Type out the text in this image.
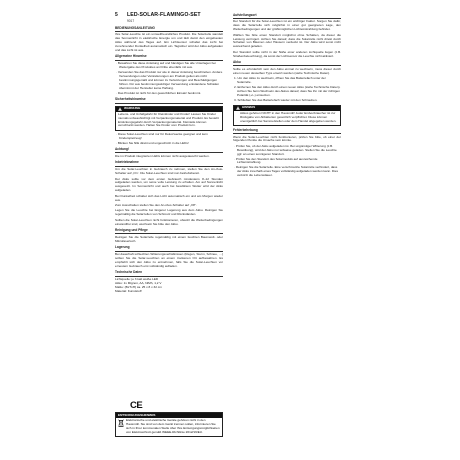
5 LED-SOLAR-FLAMINGO-SET
9017
BEDIENUNGSANLEITUNG
Ihre Solar-Leuchte ist ein umweltfreundliches Produkt. Die Solarzelle wandelt das Sonnenlicht in elektrische Energie um und lädt damit den eingebauten Akku während des Tages auf. Ein Lichtsensor schaltet das Licht bei zunehmender Dunkelheit automatisch ein. Tagsüber wird der Akku aufgeladen und das Licht ist aus.
Allgemeine Hinweise
· Bewahren Sie diese Anleitung auf und händigen Sie alle Unterlagen bei Weitergabe des Produktes an Dritte ebenfalls mit aus.
· Verwenden Sie das Produkt nur wie in dieser Anleitung beschrieben. Andere Verwendungen oder Veränderungen am Produkt gelten als nicht bestimmungsgemäß und können zu Verletzungen und Beschädigungen führen. Für aus bestimmungswidriger Verwendung entstandene Schäden übernimmt der Hersteller keine Haftung.
· Das Produkt ist nicht für den gewerblichen Einsatz bestimmt.
Sicherheitshinweise
WARNUNG
Lebens- und Unfallgefahr für Kleinkinder und Kinder! Lassen Sie Kinder niemals unbeaufsichtigt mit Verpackungsmaterial und Produkt. Es besteht Erstickungsgefahr durch Verpackungsmaterial. Kleinteile können verschluckt werden. Halten Sie Kinder vom Produkt fern.
· Diese Solar-Leuchten sind nur für Dekozwecke geeignet und kein Kinderspielzeug!
· Blicken Sie NIE direkt und ungeschützt in die LEDs!
Achtung!
Die im Produkt integrierten LEDs können nicht ausgetauscht werden.
Inbetriebnahme
Um die Solar-Leuchten in Gebrauch zu nehmen, stellen Sie den An-/Aus-Schalter auf „On“. Die Solar-Leuchten sind nun betriebsbereit.
Der Akku sollte vor dem ersten Gebrauch mindestens 8–12 Stunden aufgeladen werden, um seine volle Leistung zu erhalten. Am auf Sonnenlicht ausgesetzt. Im Sonnenlicht und auch bei bewölktem Wetter wird der Akku aufgeladen.
Bei Dunkelheit schaltet sich das Licht automatisch ein und am Morgen wieder aus.
Zum Ausschalten stellen Sie den An-/Aus-Schalter auf „Off“.
Legen Sie die Leuchte bei längerer Lagerung aus dem Akku. Reinigen Sie regelmäßig die Solarzellen von Schmutz und Rückständen.
Sollten die Solar-Leuchten nicht funktionieren, obwohl die Wetterbedingungen einwandfrei sind, wechseln Sie bitte den Akku.
Reinigung und Pflege
Reinigen Sie die Solarzelle regelmäßig mit einem feuchten Baumwoll- oder Mikrofasertuch.
Lagerung
Bei dauerhaft schlechten Witterungsverhältnissen (Regen, Sturm, Schnee, …) sollten Sie die Solar-Leuchten an einem trockenen Ort aufbewahren. Es empfiehlt sich den Akku zu entnehmen, falls Sie die Solar-Leuchten vor erneutem Gebrauch erst vollständig aufladen.
Technische Daten
Lichtquelle: je 3 kalt weiße LED
Akku: 1x Mignon, AA, NiMh, 1,2 V
Maße: (BxTxH) ca. 25 x 8 x 32 cm
Material: Kunststoff
CE
ENTSORGUNGSHINWEIS
Elektronische und elektrische Geräte gehören nicht in den Hausmüll. Sie sind von dem Gerät trennen sollen, informieren Sie sich in Ihrer kommunalen Stelle über Ihre Entsorgungsmöglichkeiten von Elektroschrott gemäß WEEE-Richtlinie 2012/19/EU.
Aufstellungsort
Der Standort für die Solar-Leuchten ist ein wichtiger Faktor. Sorgen Sie dafür, dass die Solarzelle sich möglichst in einer gut geeigneten Lage, den Wetterbedingungen und der größtmöglichen Lichteinstrahlung befindet.
Wählen Sie bitte einen Standort möglichst ohne Schatten, da dieser die Leistung verringert. Achten Sie darauf, dass die Solarzelle nicht direkt durch Schatten von Bäumen oder Häusern verdeckt ist. Der Akku wird sonst nicht ausreichend geladen.
Der Standort sollte nicht in der Nähe einer anderen Lichtquelle liegen (z.B. Straßenbeleuchtung), da sonst der Lichtsensor die Leuchte nicht aktiviert.
Akku
Sollte es erforderlich sein den Akku einmal zu wechseln, muss dieser durch einen neuen desselben Typs ersetzt werden (siehe Technische Daten).
1. Um den Akku zu wechseln, öffnen Sie das Batteriefach unter der Solarzelle.
2. Entfernen Sie den Akku durch einen neuen Akku (siehe Technische Daten). Achten Sie beim Wechseln des Akkus darauf, dass Sie ihn mit der richtigen Polarität (+/–) einsetzen.
3. Schließen Sie das Batteriefach wieder mit den Schrauben.
HINWEIS
Akkus gehören NICHT in den Hausmüll! Jeder Endverbraucher ist zur Rückgabe von Altbatterien gesetzlich verpflichtet. Diese können unentgeltlich bei Sammelstellen oder dem Handel abgegeben werden.
Fehlerbehebung
Wenn die Solar-Leuchten nicht funktionieren, prüfen Sie bitte, ob einer der folgenden Punkte die Ursache sein könnte.
· Prüfen Sie, ob der Akku aufgeladen ist. Bei ungünstiger Witterung (z.B. Bewölkung), wird der Akku nur teilweise geladen. Stellen Sie die Leuchte ggf. an einen sonnigeren Standort.
· Prüfen Sie den Standort des Solarmoduls auf ausreichende Lichteinstrahlung.
· Reinigen Sie die Solarzelle. Eine verschmutzte Solarzelle verhindert, dass der Akku innerhalb eines Tages vollständig aufgeladen werden kann. Dies verkürzt die Lebensdauer.
